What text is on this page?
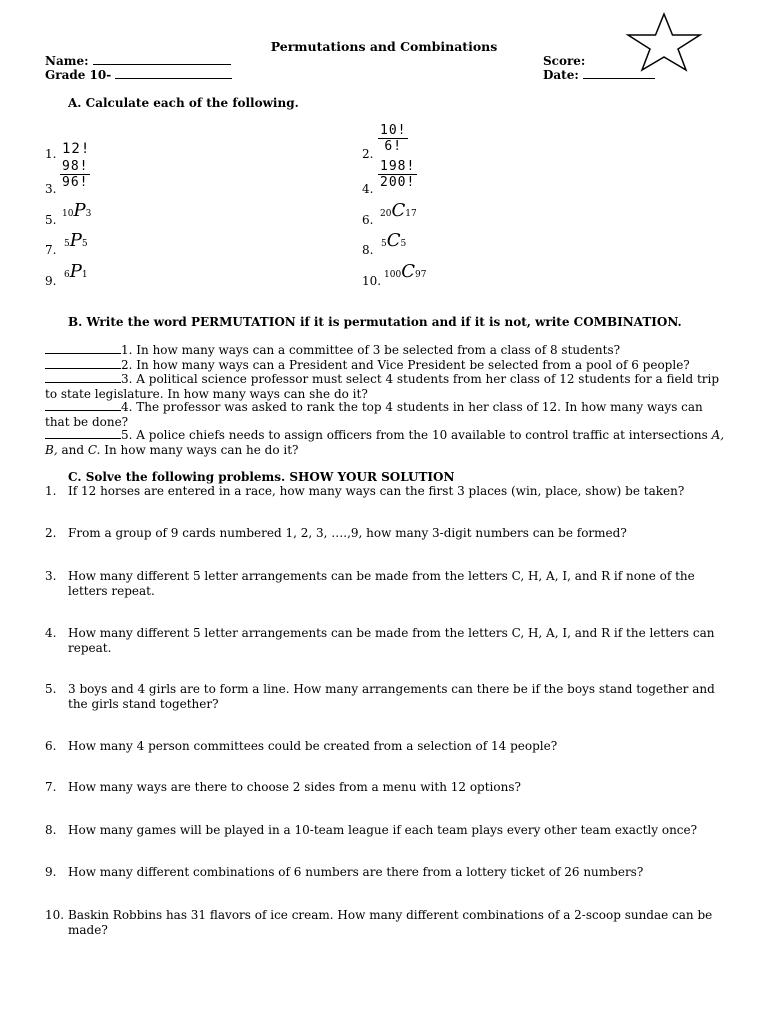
Permutations and Combinations
Name:
Grade 10-
Score:
Date:
A. Calculate each of the following.
1. 12!	2. $\frac{10!}{6!}$
3. $\frac{98!}{96!}$	4. $\frac{198!}{200!}$
5. 10P3	6. 20C17
7. 5P5	8. 5C5
9. 6P1	10. 100C97
B. Write the word PERMUTATION if it is permutation and if it is not, write COMBINATION.
1. In how many ways can a committee of 3 be selected from a class of 8 students?
2. In how many ways can a President and Vice President be selected from a pool of 6 people?
3. A political science professor must select 4 students from her class of 12 students for a field trip to state legislature. In how many ways can she do it?
4. The professor was asked to rank the top 4 students in her class of 12. In how many ways can that be done?
5. A police chiefs needs to assign officers from the 10 available to control traffic at intersections A, B, and C. In how many ways can he do it?
C. Solve the following problems. SHOW YOUR SOLUTION
1. If 12 horses are entered in a race, how many ways can the first 3 places (win, place, show) be taken?
2. From a group of 9 cards numbered 1, 2, 3, ….,9, how many 3-digit numbers can be formed?
3. How many different 5 letter arrangements can be made from the letters C, H, A, I, and R if none of the letters repeat.
4. How many different 5 letter arrangements can be made from the letters C, H, A, I, and R if the letters can repeat.
5. 3 boys and 4 girls are to form a line. How many arrangements can there be if the boys stand together and the girls stand together?
6. How many 4 person committees could be created from a selection of 14 people?
7. How many ways are there to choose 2 sides from a menu with 12 options?
8. How many games will be played in a 10-team league if each team plays every other team exactly once?
9. How many different combinations of 6 numbers are there from a lottery ticket of 26 numbers?
10. Baskin Robbins has 31 flavors of ice cream. How many different combinations of a 2-scoop sundae can be made?
